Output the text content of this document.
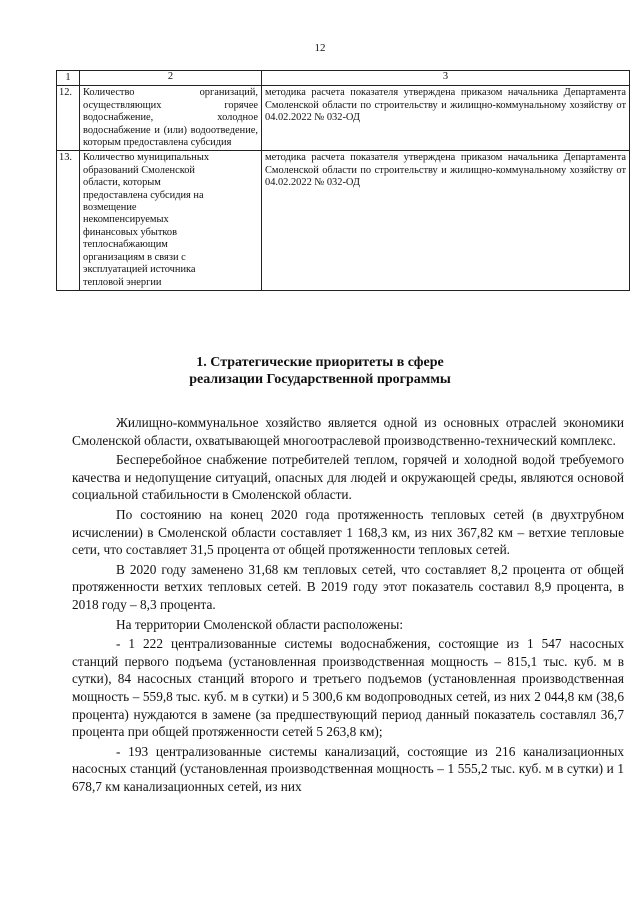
12
1	2	3
12.	Количество организаций, осуществляющих горячее водоснабжение, холодное водоснабжение и (или) водоотведение, которым предоставлена субсидия	методика расчета показателя утверждена приказом начальника Департамента Смоленской области по строительству и жилищно-коммунальному хозяйству от 04.02.2022 № 032-ОД
13.	Количество муниципальных образований Смоленской области, которым предоставлена субсидия на возмещение некомпенсируемых финансовых убытков теплоснабжающим организациям в связи с эксплуатацией источника тепловой энергии	методика расчета показателя утверждена приказом начальника Департамента Смоленской области по строительству и жилищно-коммунальному хозяйству от 04.02.2022 № 032-ОД
1. Стратегические приоритеты в сфере
реализации Государственной программы

Жилищно-коммунальное хозяйство является одной из основных отраслей экономики Смоленской области, охватывающей многоотраслевой производственно-технический комплекс.

Бесперебойное снабжение потребителей теплом, горячей и холодной водой требуемого качества и недопущение ситуаций, опасных для людей и окружающей среды, являются основой социальной стабильности в Смоленской области.

По состоянию на конец 2020 года протяженность тепловых сетей (в двухтрубном исчислении) в Смоленской области составляет 1 168,3 км, из них 367,82 км – ветхие тепловые сети, что составляет 31,5 процента от общей протяженности тепловых сетей.

В 2020 году заменено 31,68 км тепловых сетей, что составляет 8,2 процента от общей протяженности ветхих тепловых сетей. В 2019 году этот показатель составил 8,9 процента, в 2018 году – 8,3 процента.

На территории Смоленской области расположены:

- 1 222 централизованные системы водоснабжения, состоящие из 1 547 насосных станций первого подъема (установленная производственная мощность – 815,1 тыс. куб. м в сутки), 84 насосных станций второго и третьего подъемов (установленная производственная мощность – 559,8 тыс. куб. м в сутки) и 5 300,6 км водопроводных сетей, из них 2 044,8 км (38,6 процента) нуждаются в замене (за предшествующий период данный показатель составлял 36,7 процента при общей протяженности сетей 5 263,8 км);

- 193 централизованные системы канализаций, состоящие из 216 канализационных насосных станций (установленная производственная мощность – 1 555,2 тыс. куб. м в сутки) и 1 678,7 км канализационных сетей, из них
